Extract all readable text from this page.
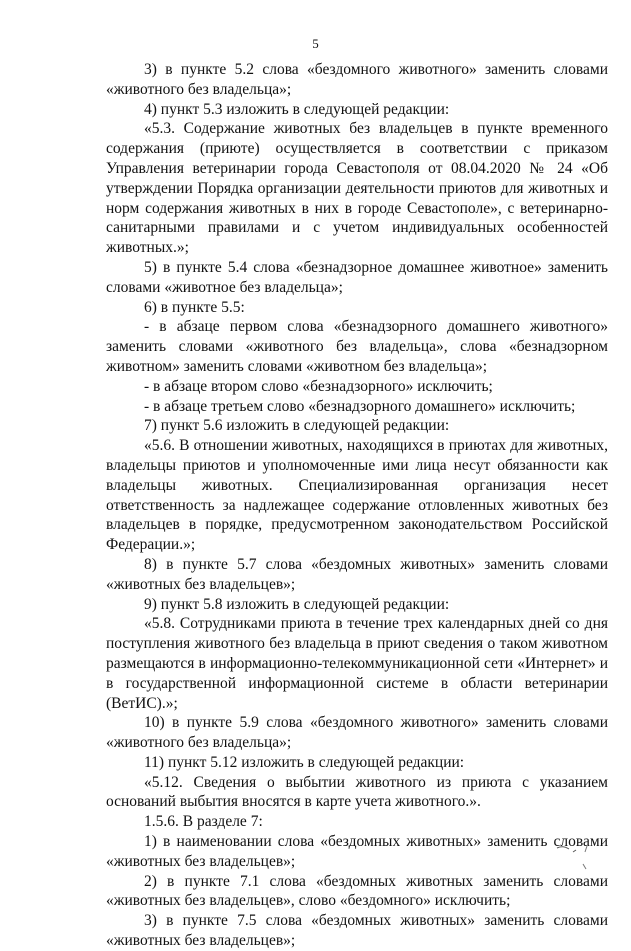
5

3) в пункте 5.2 слова «бездомного животного» заменить словами «животного без владельца»;

4) пункт 5.3 изложить в следующей редакции:

«5.3. Содержание животных без владельцев в пункте временного содержания (приюте) осуществляется в соответствии с приказом Управления ветеринарии города Севастополя от 08.04.2020 № 24 «Об утверждении Порядка организации деятельности приютов для животных и норм содержания животных в них в городе Севастополе», с ветеринарно-санитарными правилами и с учетом индивидуальных особенностей животных.»;

5) в пункте 5.4 слова «безнадзорное домашнее животное» заменить словами «животное без владельца»;

6) в пункте 5.5:

- в абзаце первом слова «безнадзорного домашнего животного» заменить словами «животного без владельца», слова «безнадзорном животном» заменить словами «животном без владельца»;

- в абзаце втором слово «безнадзорного» исключить;

- в абзаце третьем слово «безнадзорного домашнего» исключить;

7) пункт 5.6 изложить в следующей редакции:

«5.6. В отношении животных, находящихся в приютах для животных, владельцы приютов и уполномоченные ими лица несут обязанности как владельцы животных. Специализированная организация несет ответственность за надлежащее содержание отловленных животных без владельцев в порядке, предусмотренном законодательством Российской Федерации.»;

8) в пункте 5.7 слова «бездомных животных» заменить словами «животных без владельцев»;

9) пункт 5.8 изложить в следующей редакции:

«5.8. Сотрудниками приюта в течение трех календарных дней со дня поступления животного без владельца в приют сведения о таком животном размещаются в информационно-телекоммуникационной сети «Интернет» и в государственной информационной системе в области ветеринарии (ВетИС).»;

10) в пункте 5.9 слова «бездомного животного» заменить словами «животного без владельца»;

11) пункт 5.12 изложить в следующей редакции:

«5.12. Сведения о выбытии животного из приюта с указанием оснований выбытия вносятся в карте учета животного.».

1.5.6. В разделе 7:

1) в наименовании слова «бездомных животных» заменить словами «животных без владельцев»;

2) в пункте 7.1 слова «бездомных животных заменить словами «животных без владельцев», слово «бездомного» исключить;

3) в пункте 7.5 слова «бездомных животных» заменить словами «животных без владельцев»;
